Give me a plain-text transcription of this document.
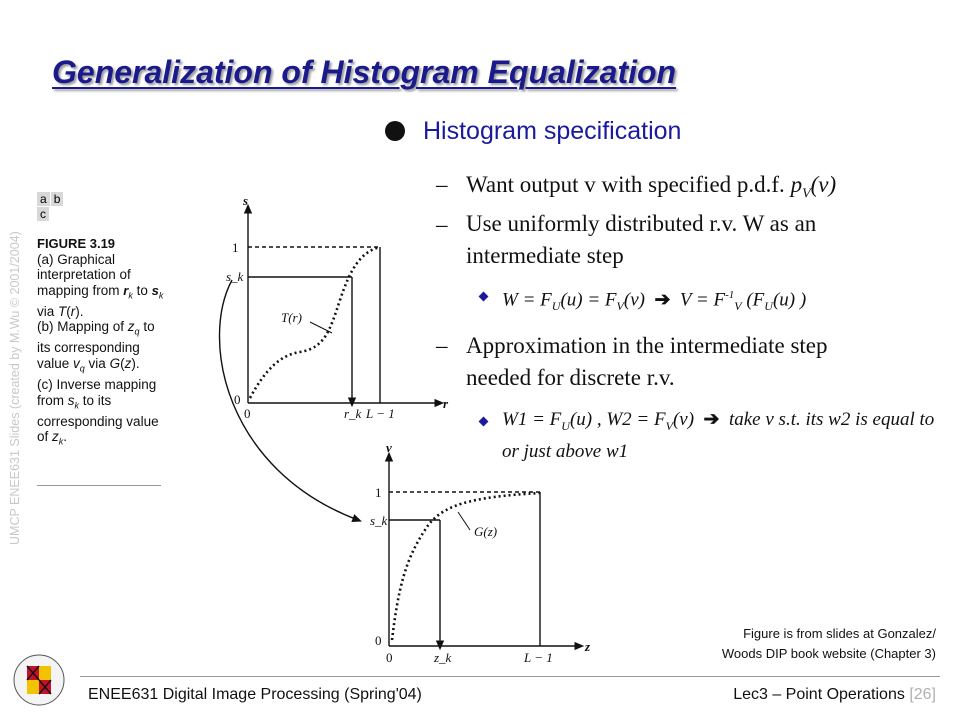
Generalization of Histogram Equalization
UMCP ENEE631 Slides (created by M.Wu © 2001/2004)
Histogram specification
– Want output v with specified p.d.f. $p_V(v)$
– Use uniformly distributed r.v. W as an
intermediate step
$W = F_U(u) = F_V(v)$  ➔  $V = F^{-1}_V$ ($F_U(u)$ )
– Approximation in the intermediate step
needed for discrete r.v.
$W1 = F_U(u)$ , $W2 = F_V(v)$  ➔  take v s.t. its w2 is equal to or just above w1
a b
c
FIGURE 3.19
(a) Graphical interpretation of mapping from $r_k$ to $s_k$ via T(r).
(b) Mapping of $z_q$ to its corresponding value $v_q$ via G(z).
(c) Inverse mapping from $s_k$ to its corresponding value of $z_k$.
s
r
1
s_k
0
0	r_k L − 1
T(r)
v
z
1
s_k
0
0	z_k	L − 1
G(z)
Figure is from slides at Gonzalez/
Woods DIP book website (Chapter 3)
ENEE631 Digital Image Processing (Spring'04)	Lec3 – Point Operations [26]
